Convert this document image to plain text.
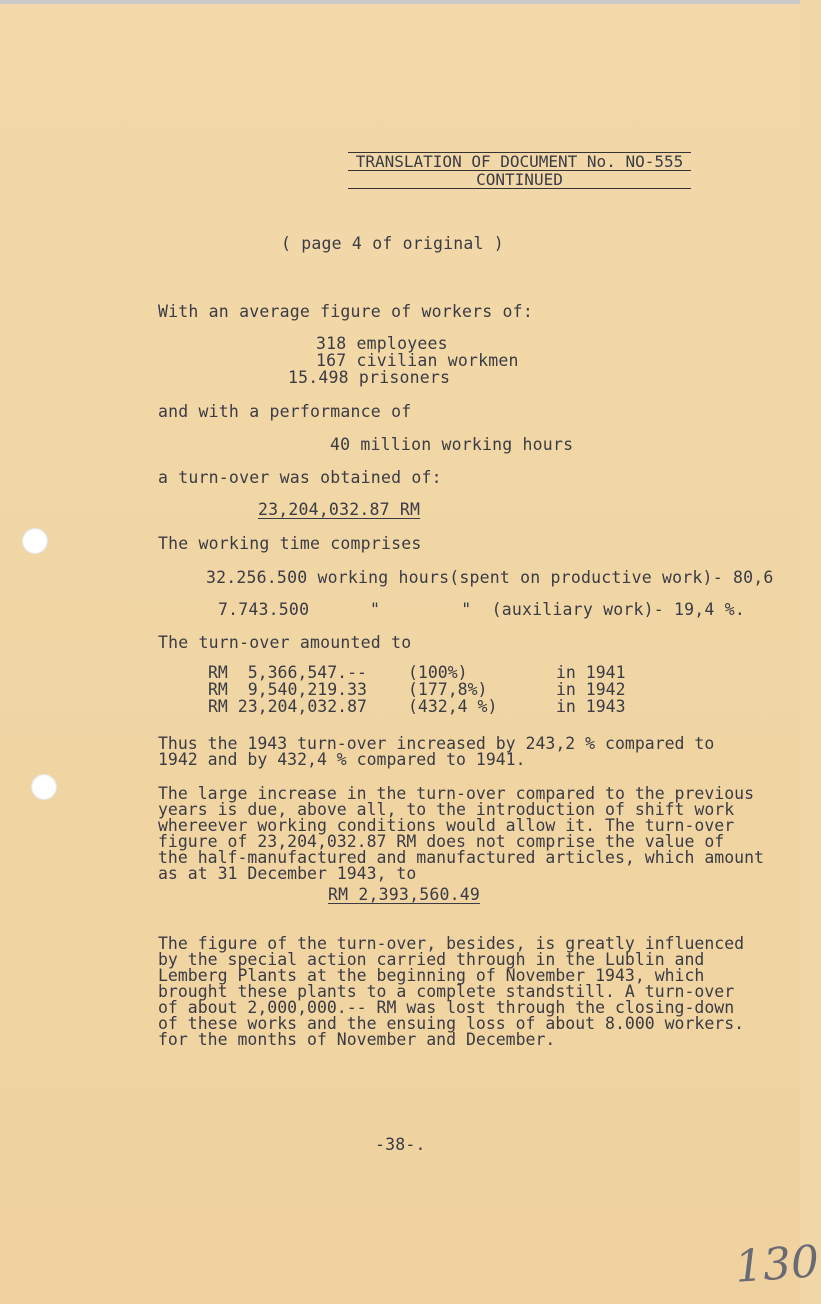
TRANSLATION OF DOCUMENT No. NO-555
CONTINUED
( page 4 of original )
With an average figure of workers of:
318 employees
167 civilian workmen
15.498 prisoners
and with a performance of
40 million working hours
a turn-over was obtained of:
23,204,032.87 RM
The working time comprises
32.256.500 working hours(spent on productive work)- 80,6
7.743.500      "        "  (auxiliary work)- 19,4 %.
The turn-over amounted to
RM  5,366,547.--	(100%)	in 1941
RM  9,540,219.33	(177,8%)	in 1942
RM 23,204,032.87	(432,4 %)	in 1943
Thus the 1943 turn-over increased by 243,2 % compared to
1942 and by 432,4 % compared to 1941.
The large increase in the turn-over compared to the previous
years is due, above all, to the introduction of shift work
whereever working conditions would allow it. The turn-over
figure of 23,204,032.87 RM does not comprise the value of
the half-manufactured and manufactured articles, which amount
as at 31 December 1943, to
RM 2,393,560.49
The figure of the turn-over, besides, is greatly influenced
by the special action carried through in the Lublin and
Lemberg Plants at the beginning of November 1943, which
brought these plants to a complete standstill. A turn-over
of about 2,000,000.-- RM was lost through the closing-down
of these works and the ensuing loss of about 8.000 workers.
for the months of November and December.
-38-.
130
